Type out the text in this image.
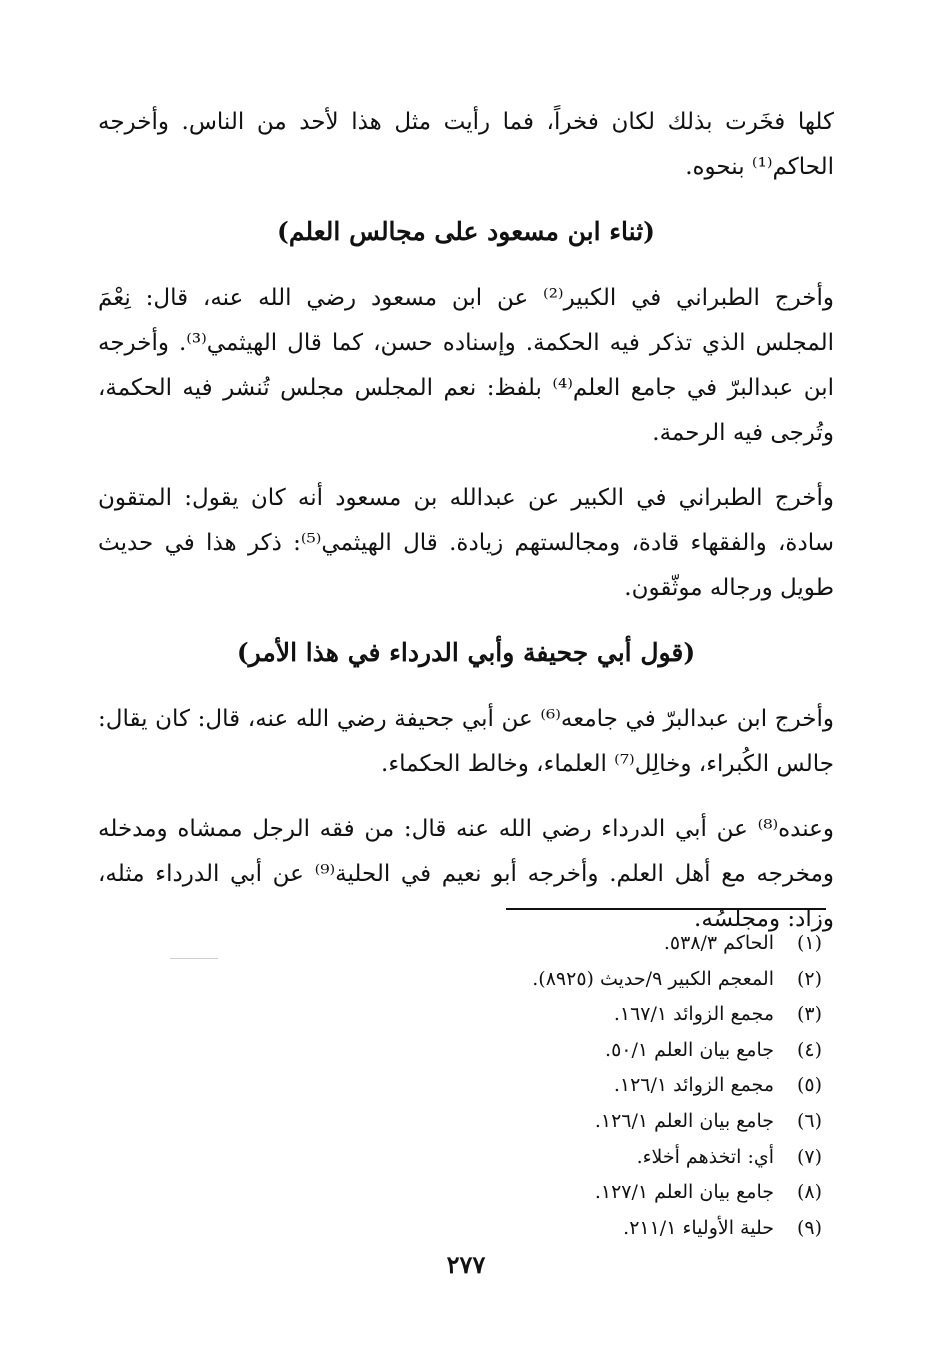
كلها فخَرت بذلك لكان فخراً، فما رأيت مثل هذا لأحد من الناس. وأخرجه الحاكم⁽¹⁾ بنحوه.

(ثناء ابن مسعود على مجالس العلم)

وأخرج الطبراني في الكبير⁽²⁾ عن ابن مسعود رضي الله عنه، قال: نِعْمَ المجلس الذي تذكر فيه الحكمة. وإسناده حسن، كما قال الهيثمي⁽³⁾. وأخرجه ابن عبدالبرّ في جامع العلم⁽⁴⁾ بلفظ: نعم المجلس مجلس تُنشر فيه الحكمة، وتُرجى فيه الرحمة.

وأخرج الطبراني في الكبير عن عبدالله بن مسعود أنه كان يقول: المتقون سادة، والفقهاء قادة، ومجالستهم زيادة. قال الهيثمي⁽⁵⁾: ذكر هذا في حديث طويل ورجاله موثّقون.

(قول أبي جحيفة وأبي الدرداء في هذا الأمر)

وأخرج ابن عبدالبرّ في جامعه⁽⁶⁾ عن أبي جحيفة رضي الله عنه، قال: كان يقال: جالس الكُبراء، وخالِل⁽⁷⁾ العلماء، وخالط الحكماء.

وعنده⁽⁸⁾ عن أبي الدرداء رضي الله عنه قال: من فقه الرجل ممشاه ومدخله ومخرجه مع أهل العلم. وأخرجه أبو نعيم في الحلية⁽⁹⁾ عن أبي الدرداء مثله، وزاد: ومجلسُه.

(١)
الحاكم ٥٣٨/٣.
(٢)
المعجم الكبير ٩/حديث (٨٩٢٥).
(٣)
مجمع الزوائد ١٦٧/١.
(٤)
جامع بيان العلم ٥٠/١.
(٥)
مجمع الزوائد ١٢٦/١.
(٦)
جامع بيان العلم ١٢٦/١.
(٧)
أي: اتخذهم أخلاء.
(٨)
جامع بيان العلم ١٢٧/١.
(٩)
حلية الأولياء ٢١١/١.
٢٧٧
